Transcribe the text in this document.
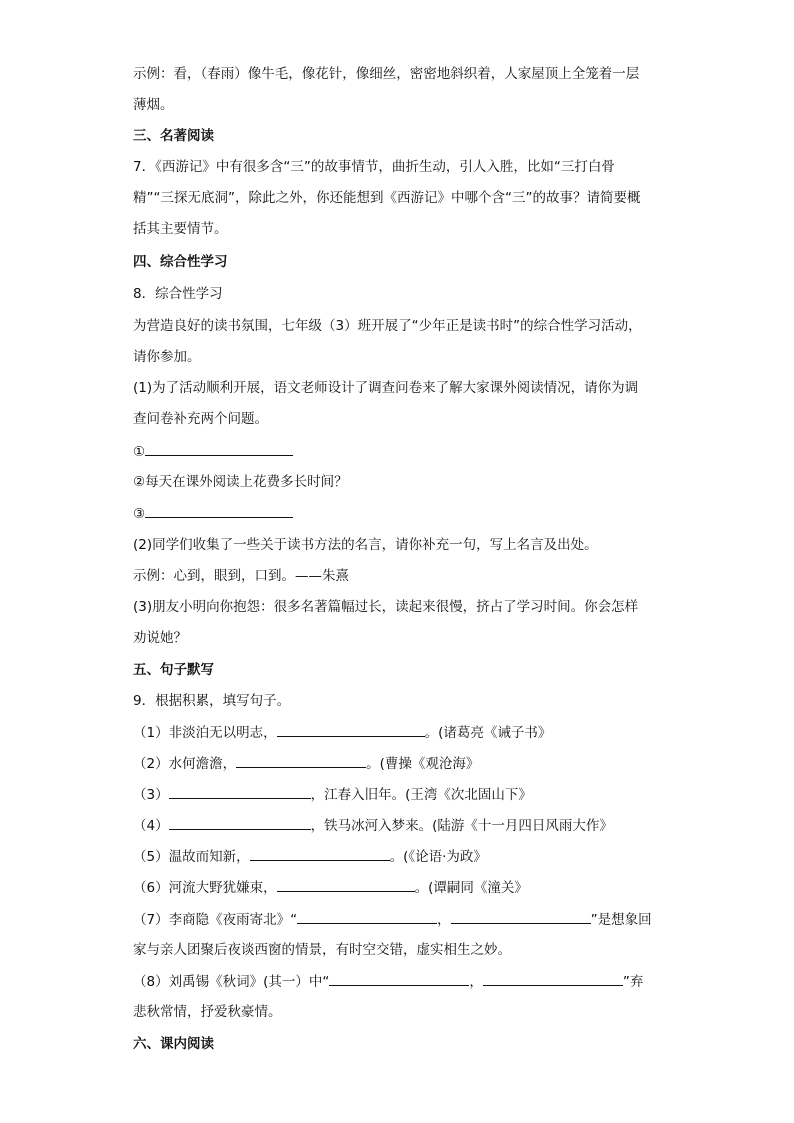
示例：看，（春雨）像牛毛，像花针，像细丝，密密地斜织着，人家屋顶上全笼着一层
薄烟。
三、名著阅读
7．《西游记》中有很多含“三”的故事情节，曲折生动，引人入胜，比如“三打白骨
精”“三探无底洞”，除此之外，你还能想到《西游记》中哪个含“三”的故事？请简要概
括其主要情节。
四、综合性学习
8．综合性学习
为营造良好的读书氛围，七年级（3）班开展了“少年正是读书时”的综合性学习活动，
请你参加。
(1)为了活动顺利开展，语文老师设计了调查问卷来了解大家课外阅读情况，请你为调
查问卷补充两个问题。
①
②每天在课外阅读上花费多长时间？
③
(2)同学们收集了一些关于读书方法的名言，请你补充一句，写上名言及出处。
示例：心到，眼到，口到。——朱熹
(3)朋友小明向你抱怨：很多名著篇幅过长，读起来很慢，挤占了学习时间。你会怎样
劝说她？
五、句子默写
9．根据积累，填写句子。
（1）非淡泊无以明志，	。(诸葛亮《诫子书》
（2）水何澹澹，	。(曹操《观沧海》
（3）	，江春入旧年。(王湾《次北固山下》
（4）	，铁马冰河入梦来。(陆游《十一月四日风雨大作》
（5）温故而知新，	。(《论语·为政》
（6）河流大野犹嫌束，	。(谭嗣同《潼关》
（7）李商隐《夜雨寄北》“	，	”是想象回
家与亲人团聚后夜谈西窗的情景，有时空交错，虚实相生之妙。
（8）刘禹锡《秋词》(其一）中“	，	”弃
悲秋常情，抒爱秋豪情。
六、课内阅读
